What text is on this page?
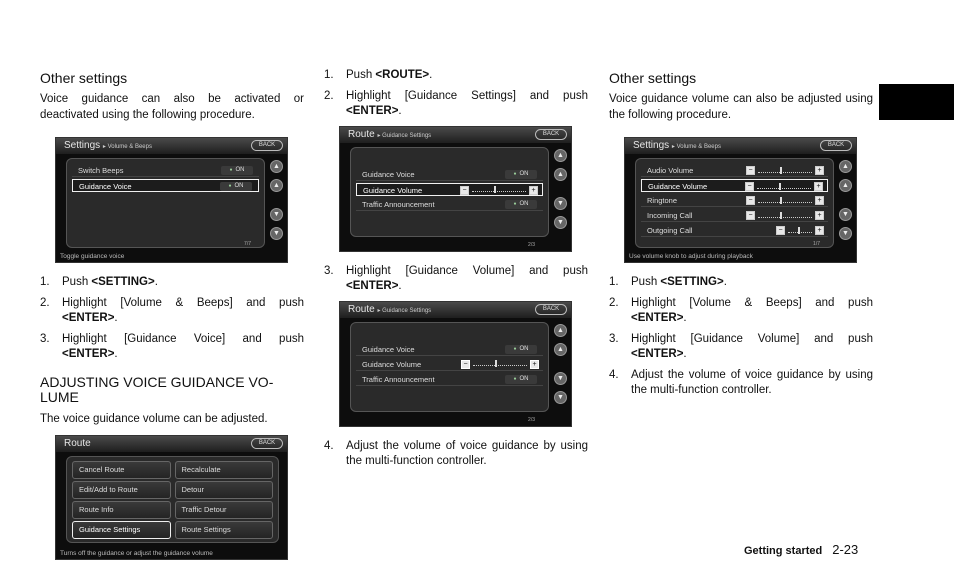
Other settings
Voice guidance can also be activated or deactivated using the following procedure.
Settings ▸ Volume & Beeps	BACK
Switch Beeps	● ON
Guidance Voice	● ON
▲
▲
▼
▼
7/7
Toggle guidance voice
1.	Push <SETTING>.
2.	Highlight [Volume & Beeps] and push <ENTER>.
3.	Highlight [Guidance Voice] and push <ENTER>.
ADJUSTING VOICE GUIDANCE VO-LUME
The voice guidance volume can be adjusted.
Route	BACK
Cancel Route	Recalculate
Edit/Add to Route	Detour
Route Info	Traffic Detour
Guidance Settings	Route Settings
Turns off the guidance or adjust the guidance volume
1.	Push <ROUTE>.
2.	Highlight [Guidance Settings] and push <ENTER>.
Route ▸ Guidance Settings	BACK
Guidance Voice	● ON
Guidance Volume	−	+
Traffic Announcement	● ON
▲
▲
▼
▼
2/3
3.	Highlight [Guidance Volume] and push <ENTER>.
Route ▸ Guidance Settings	BACK
Guidance Voice	● ON
Guidance Volume	−	+
Traffic Announcement	● ON
▲
▲
▼
▼
2/3
4.	Adjust the volume of voice guidance by using the multi-function controller.
Other settings
Voice guidance volume can also be adjusted using the following procedure.
Settings ▸ Volume & Beeps	BACK
Audio Volume	−	+
Guidance Volume	−	+
Ringtone	−	+
Incoming Call	−	+
Outgoing Call	−	+
▲
▲
▼
▼
1/7
Use volume knob to adjust during playback
1.	Push <SETTING>.
2.	Highlight [Volume & Beeps] and push <ENTER>.
3.	Highlight [Guidance Volume] and push <ENTER>.
4.	Adjust the volume of voice guidance by using the multi-function controller.
Getting started 2-23
